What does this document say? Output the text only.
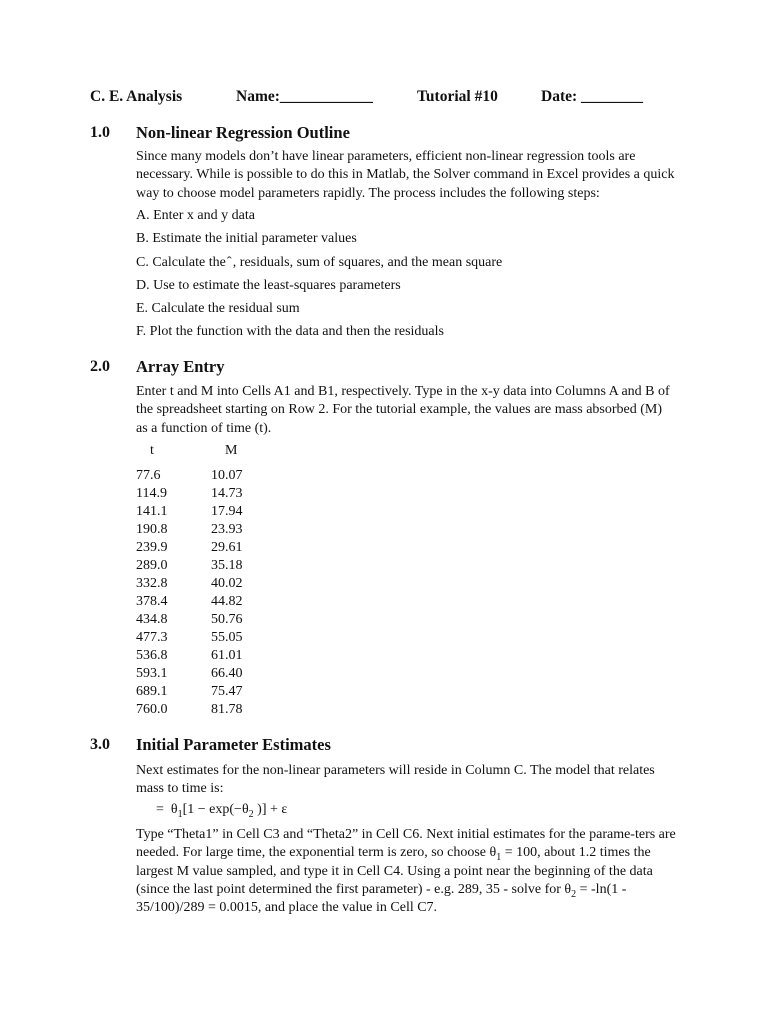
C. E. Analysis	Name:____________	Tutorial #10	Date: ________
1.0 Non-linear Regression Outline
Since many models don’t have linear parameters, efficient non-linear regression tools are necessary. While is possible to do this in Matlab, the Solver command in Excel provides a quick way to choose model parameters rapidly. The process includes the following steps:
A. Enter x and y data
B. Estimate the initial parameter values
C. Calculate the ̂ , residuals, sum of squares, and the mean square
D. Use to estimate the least-squares parameters
E. Calculate the residual sum
F. Plot the function with the data and then the residuals
2.0 Array Entry
Enter t and M into Cells A1 and B1, respectively. Type in the x-y data into Columns A and B of the spreadsheet starting on Row 2. For the tutorial example, the values are mass absorbed (M) as a function of time (t).
t	M
77.6	10.07
114.9	14.73
141.1	17.94
190.8	23.93
239.9	29.61
289.0	35.18
332.8	40.02
378.4	44.82
434.8	50.76
477.3	55.05
536.8	61.01
593.1	66.40
689.1	75.47
760.0	81.78
3.0 Initial Parameter Estimates
Next estimates for the non-linear parameters will reside in Column C. The model that relates mass to time is:
= $\theta_1[1 - \exp(-\theta_2$ )] + ε
Type “Theta1” in Cell C3 and “Theta2” in Cell C6. Next initial estimates for the parame-ters are needed. For large time, the exponential term is zero, so choose $\theta_1 = 100$, about 1.2 times the largest M value sampled, and type it in Cell C4. Using a point near the beginning of the data (since the last point determined the first parameter) - e.g. 289, 35 - solve for $\theta_2 = -\ln(1 - 35/100)/289 = 0.0015$, and place the value in Cell C7.
